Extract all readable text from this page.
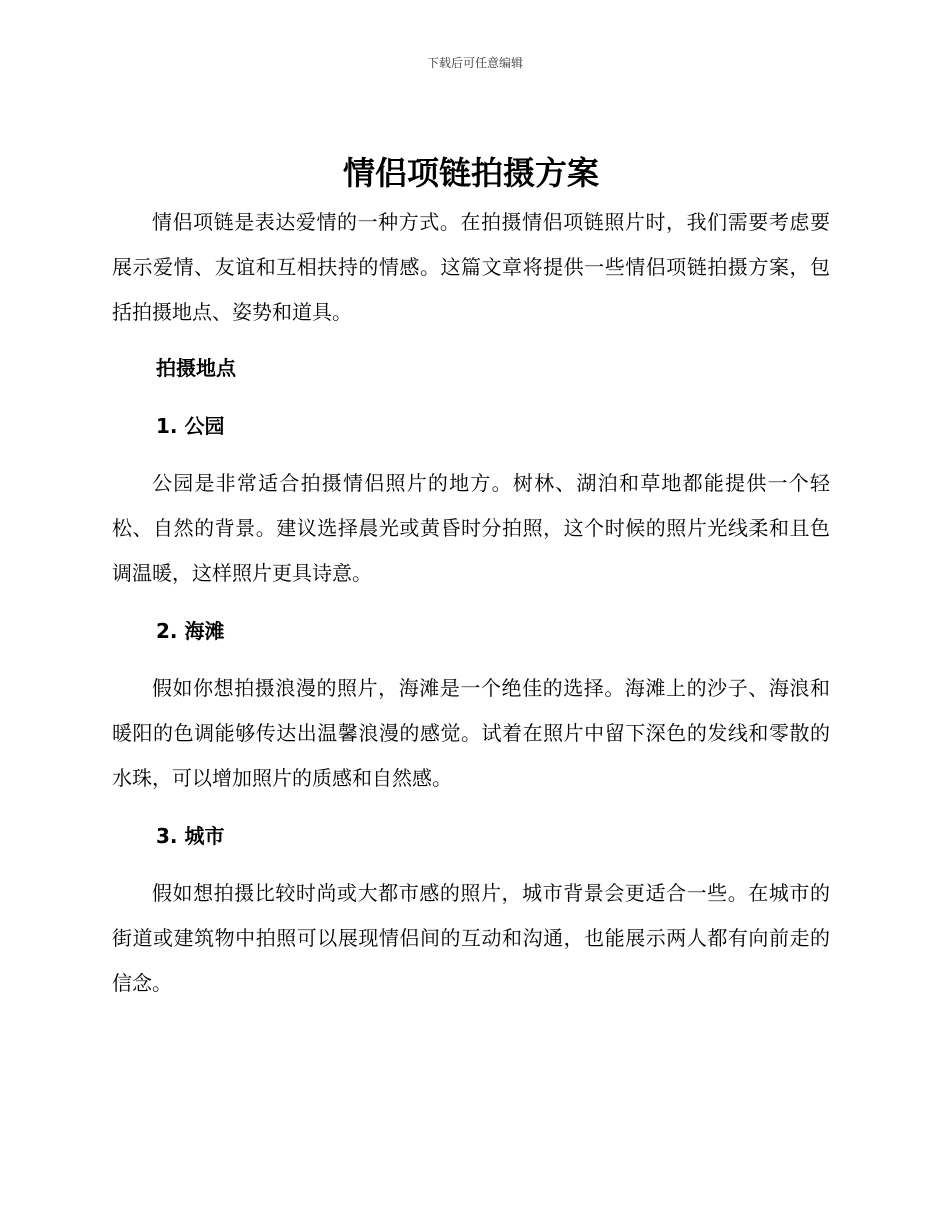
下载后可任意编辑
情侣项链拍摄方案

情侣项链是表达爱情的一种方式。在拍摄情侣项链照片时，我们需要考虑要展示爱情、友谊和互相扶持的情感。这篇文章将提供一些情侣项链拍摄方案，包括拍摄地点、姿势和道具。

拍摄地点
1. 公园

公园是非常适合拍摄情侣照片的地方。树林、湖泊和草地都能提供一个轻松、自然的背景。建议选择晨光或黄昏时分拍照，这个时候的照片光线柔和且色调温暖，这样照片更具诗意。

2. 海滩

假如你想拍摄浪漫的照片，海滩是一个绝佳的选择。海滩上的沙子、海浪和暖阳的色调能够传达出温馨浪漫的感觉。试着在照片中留下深色的发线和零散的水珠，可以增加照片的质感和自然感。

3. 城市

假如想拍摄比较时尚或大都市感的照片，城市背景会更适合一些。在城市的街道或建筑物中拍照可以展现情侣间的互动和沟通，也能展示两人都有向前走的信念。
